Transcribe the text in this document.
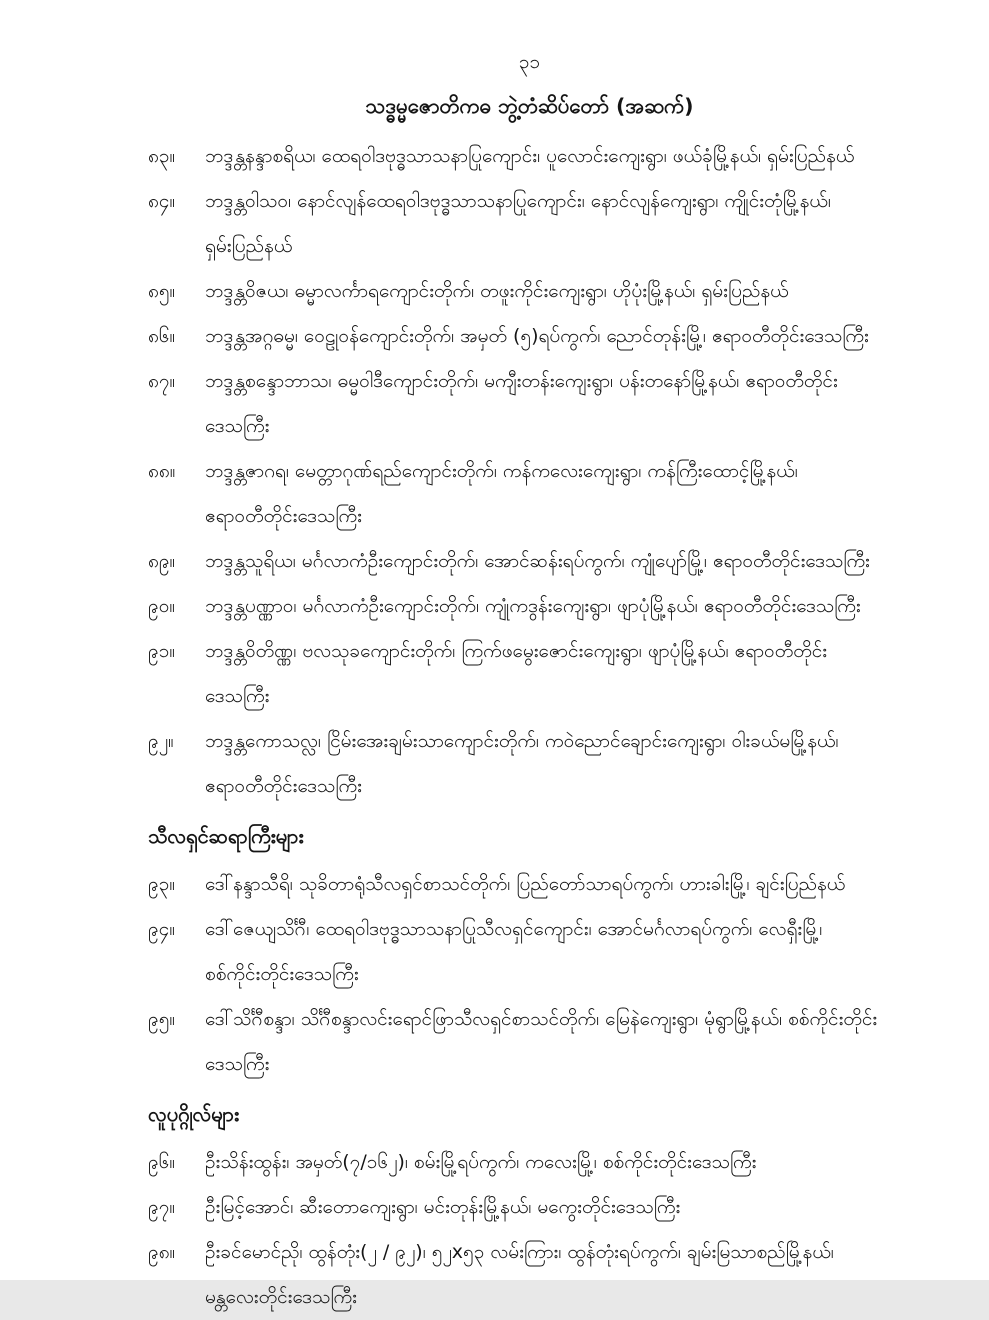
၃၁
သဒ္ဓမ္မဇောတိကဓ ဘွဲ့တံဆိပ်တော် (အဆက်)
၈၃။	ဘဒ္ဒန္တနန္ဒာစရိယ၊ ထေရဝါဒဗုဒ္ဓသာသနာပြုကျောင်း၊ ပူလောင်းကျေးရွာ၊ ဖယ်ခုံမြို့နယ်၊ ရှမ်းပြည်နယ်
၈၄။	ဘဒ္ဒန္တဝါသဝ၊ နောင်လျန်ထေရဝါဒဗုဒ္ဓသာသနာပြုကျောင်း၊ နောင်လျန်ကျေးရွာ၊ ကျိုင်းတုံမြို့နယ်၊
ရှမ်းပြည်နယ်
၈၅။	ဘဒ္ဒန္တဝိဇယ၊ ဓမ္မာလင်္ကာရကျောင်းတိုက်၊ တဖူးကိုင်းကျေးရွာ၊ ဟိုပုံးမြို့နယ်၊ ရှမ်းပြည်နယ်
၈၆။	ဘဒ္ဒန္တအဂ္ဂဓမ္မ၊ ဝေဠုဝန်ကျောင်းတိုက်၊ အမှတ် (၅)ရပ်ကွက်၊ ညောင်တုန်းမြို့၊ ဧရာဝတီတိုင်းဒေသကြီး
၈၇။	ဘဒ္ဒန္တစန္ဒောဘာသ၊ ဓမ္မဝါဒီကျောင်းတိုက်၊ မကျီးတန်းကျေးရွာ၊ ပန်းတနော်မြို့နယ်၊ ဧရာဝတီတိုင်း
ဒေသကြီး
၈၈။	ဘဒ္ဒန္တဇာဂရ၊ မေတ္တာဂုဏ်ရည်ကျောင်းတိုက်၊ ကန်ကလေးကျေးရွာ၊ ကန်ကြီးထောင့်မြို့နယ်၊
ဧရာဝတီတိုင်းဒေသကြီး
၈၉။	ဘဒ္ဒန္တသူရိယ၊ မင်္ဂလာကံဦးကျောင်းတိုက်၊ အောင်ဆန်းရပ်ကွက်၊ ကျုံပျော်မြို့၊ ဧရာဝတီတိုင်းဒေသကြီး
၉၀။	ဘဒ္ဒန္တပဏ္ဏာဝ၊ မင်္ဂလာကံဦးကျောင်းတိုက်၊ ကျုံကဒွန်းကျေးရွာ၊ ဖျာပုံမြို့နယ်၊ ဧရာဝတီတိုင်းဒေသကြီး
၉၁။	ဘဒ္ဒန္တဝိတိဏ္ဏ၊ ဗလသုခကျောင်းတိုက်၊ ကြက်ဖမွေးဇောင်းကျေးရွာ၊ ဖျာပုံမြို့နယ်၊ ဧရာဝတီတိုင်း
ဒေသကြီး
၉၂။	ဘဒ္ဒန္တကောသလ္လ၊ ငြိမ်းအေးချမ်းသာကျောင်းတိုက်၊ ကဝဲညောင်ချောင်းကျေးရွာ၊ ဝါးခယ်မမြို့နယ်၊
ဧရာဝတီတိုင်းဒေသကြီး
သီလရှင်ဆရာကြီးများ
၉၃။	ဒေါ်နန္ဒာသီရိ၊ သုခိတာရုံသီလရှင်စာသင်တိုက်၊ ပြည်တော်သာရပ်ကွက်၊ ဟားခါးမြို့၊ ချင်းပြည်နယ်
၉၄။	ဒေါ်ဇေယျသိင်္ဂီ၊ ထေရဝါဒဗုဒ္ဓသာသနာပြုသီလရှင်ကျောင်း၊ အောင်မင်္ဂလာရပ်ကွက်၊ လေရှီးမြို့၊
စစ်ကိုင်းတိုင်းဒေသကြီး
၉၅။	ဒေါ်သိင်္ဂီစန္ဒာ၊ သိင်္ဂီစန္ဒာလင်းရောင်ဖြာသီလရှင်စာသင်တိုက်၊ မြေနဲကျေးရွာ၊ မုံရွာမြို့နယ်၊ စစ်ကိုင်းတိုင်း
ဒေသကြီး
လူပုဂ္ဂိုလ်များ
၉၆။	ဦးသိန်းထွန်း၊ အမှတ်(၇/၁၆၂)၊ စမ်းမြို့ရပ်ကွက်၊ ကလေးမြို့၊ စစ်ကိုင်းတိုင်းဒေသကြီး
၉၇။	ဦးမြင့်အောင်၊ ဆီးတောကျေးရွာ၊ မင်းတုန်းမြို့နယ်၊ မကွေးတိုင်းဒေသကြီး
၉၈။	ဦးခင်မောင်ညို၊ ထွန်တုံး(၂ / ၉၂)၊ ၅၂x၅၃ လမ်းကြား၊ ထွန်တုံးရပ်ကွက်၊ ချမ်းမြသာစည်မြို့နယ်၊
မန္တလေးတိုင်းဒေသကြီး
